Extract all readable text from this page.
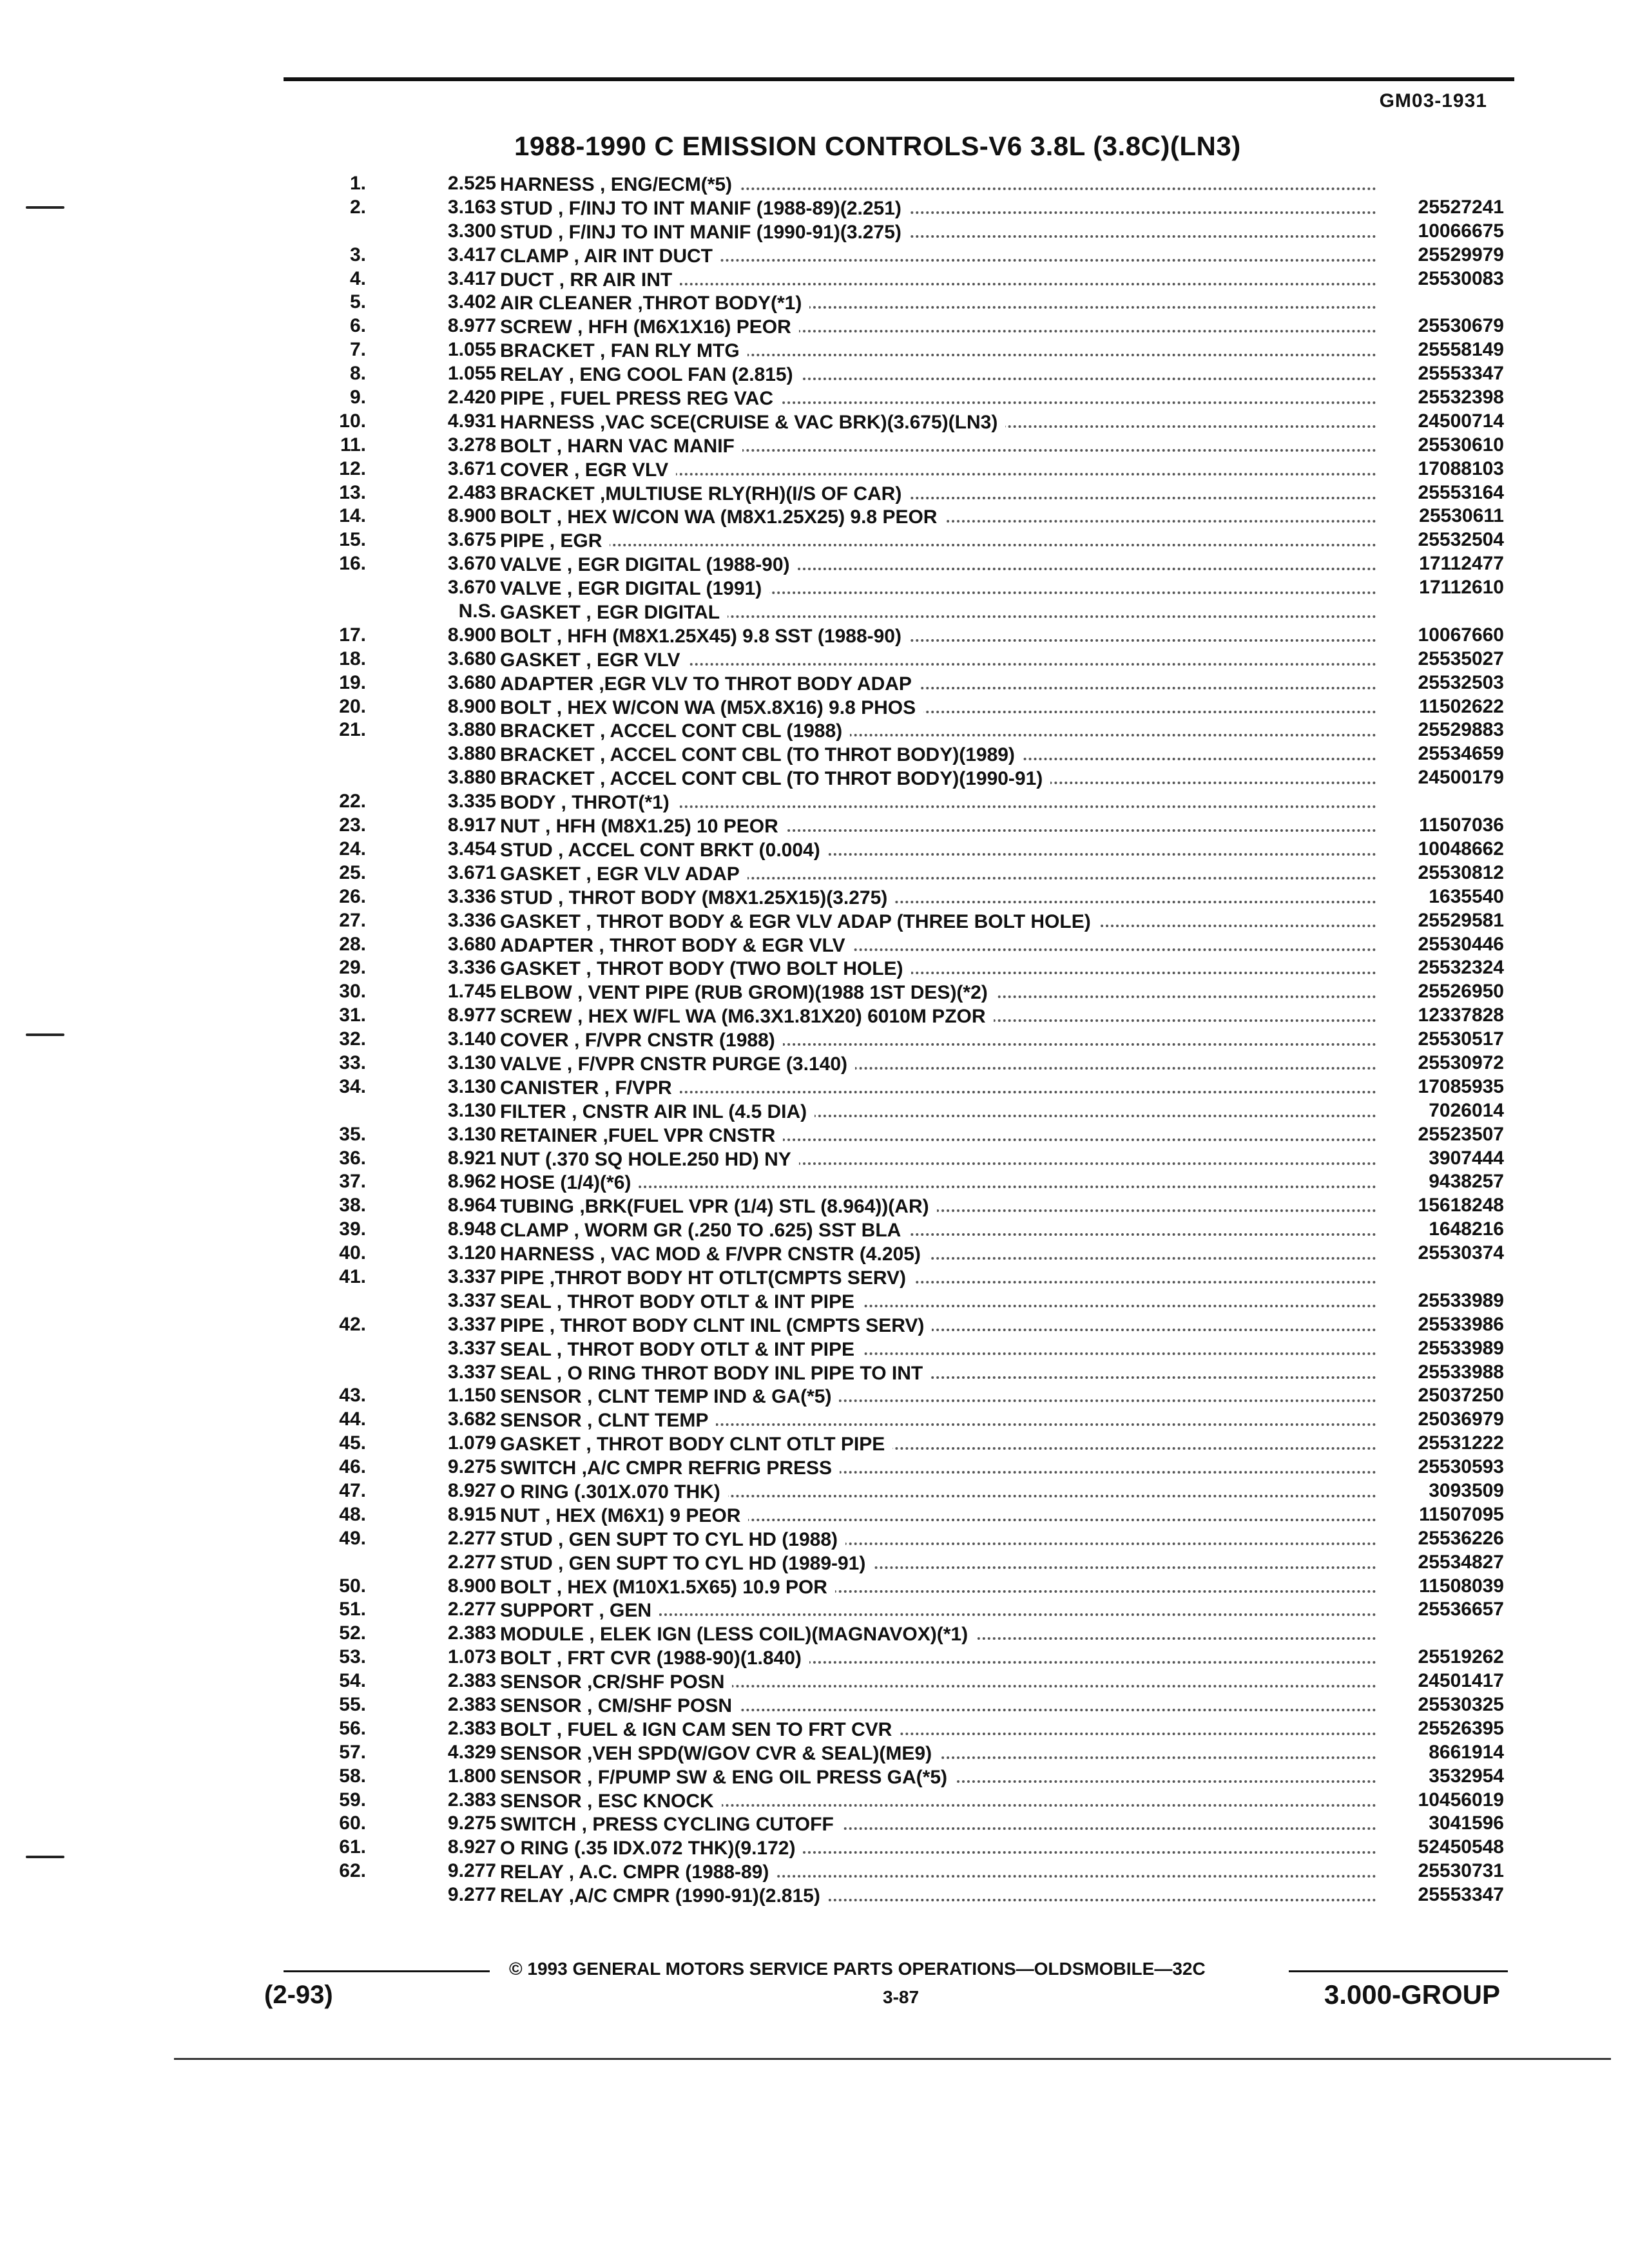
GM03-1931
1988-1990 C EMISSION CONTROLS-V6 3.8L (3.8C)(LN3)
1.	2.525 HARNESS , ENG/ECM(*5)
2.	3.163 STUD , F/INJ TO INT MANIF (1988-89)(2.251)	25527241
3.300 STUD , F/INJ TO INT MANIF (1990-91)(3.275)	10066675
3.	3.417 CLAMP , AIR INT DUCT	25529979
4.	3.417 DUCT , RR AIR INT	25530083
5.	3.402 AIR CLEANER ,THROT BODY(*1)
6.	8.977 SCREW , HFH (M6X1X16) PEOR	25530679
7.	1.055 BRACKET , FAN RLY MTG	25558149
8.	1.055 RELAY , ENG COOL FAN (2.815)	25553347
9.	2.420 PIPE , FUEL PRESS REG VAC	25532398
10.	4.931 HARNESS ,VAC SCE(CRUISE & VAC BRK)(3.675)(LN3)	24500714
11.	3.278 BOLT , HARN VAC MANIF	25530610
12.	3.671 COVER , EGR VLV	17088103
13.	2.483 BRACKET ,MULTIUSE RLY(RH)(I/S OF CAR)	25553164
14.	8.900 BOLT , HEX W/CON WA (M8X1.25X25) 9.8 PEOR	25530611
15.	3.675 PIPE , EGR	25532504
16.	3.670 VALVE , EGR DIGITAL (1988-90)	17112477
3.670 VALVE , EGR DIGITAL (1991)	17112610
N.S. GASKET , EGR DIGITAL
17.	8.900 BOLT , HFH (M8X1.25X45) 9.8 SST (1988-90)	10067660
18.	3.680 GASKET , EGR VLV	25535027
19.	3.680 ADAPTER ,EGR VLV TO THROT BODY ADAP	25532503
20.	8.900 BOLT , HEX W/CON WA (M5X.8X16) 9.8 PHOS	11502622
21.	3.880 BRACKET , ACCEL CONT CBL (1988)	25529883
3.880 BRACKET , ACCEL CONT CBL (TO THROT BODY)(1989)	25534659
3.880 BRACKET , ACCEL CONT CBL (TO THROT BODY)(1990-91)	24500179
22.	3.335 BODY , THROT(*1)
23.	8.917 NUT , HFH (M8X1.25) 10 PEOR	11507036
24.	3.454 STUD , ACCEL CONT BRKT (0.004)	10048662
25.	3.671 GASKET , EGR VLV ADAP	25530812
26.	3.336 STUD , THROT BODY (M8X1.25X15)(3.275)	1635540
27.	3.336 GASKET , THROT BODY & EGR VLV ADAP (THREE BOLT HOLE)	25529581
28.	3.680 ADAPTER , THROT BODY & EGR VLV	25530446
29.	3.336 GASKET , THROT BODY (TWO BOLT HOLE)	25532324
30.	1.745 ELBOW , VENT PIPE (RUB GROM)(1988 1ST DES)(*2)	25526950
31.	8.977 SCREW , HEX W/FL WA (M6.3X1.81X20) 6010M PZOR	12337828
32.	3.140 COVER , F/VPR CNSTR (1988)	25530517
33.	3.130 VALVE , F/VPR CNSTR PURGE (3.140)	25530972
34.	3.130 CANISTER , F/VPR	17085935
3.130 FILTER , CNSTR AIR INL (4.5 DIA)	7026014
35.	3.130 RETAINER ,FUEL VPR CNSTR	25523507
36.	8.921 NUT (.370 SQ HOLE.250 HD) NY	3907444
37.	8.962 HOSE (1/4)(*6)	9438257
38.	8.964 TUBING ,BRK(FUEL VPR (1/4) STL (8.964))(AR)	15618248
39.	8.948 CLAMP , WORM GR (.250 TO .625) SST BLA	1648216
40.	3.120 HARNESS , VAC MOD & F/VPR CNSTR (4.205)	25530374
41.	3.337 PIPE ,THROT BODY HT OTLT(CMPTS SERV)
3.337 SEAL , THROT BODY OTLT & INT PIPE	25533989
42.	3.337 PIPE , THROT BODY CLNT INL (CMPTS SERV)	25533986
3.337 SEAL , THROT BODY OTLT & INT PIPE	25533989
3.337 SEAL , O RING THROT BODY INL PIPE TO INT	25533988
43.	1.150 SENSOR , CLNT TEMP IND & GA(*5)	25037250
44.	3.682 SENSOR , CLNT TEMP	25036979
45.	1.079 GASKET , THROT BODY CLNT OTLT PIPE	25531222
46.	9.275 SWITCH ,A/C CMPR REFRIG PRESS	25530593
47.	8.927 O RING (.301X.070 THK)	3093509
48.	8.915 NUT , HEX (M6X1) 9 PEOR	11507095
49.	2.277 STUD , GEN SUPT TO CYL HD (1988)	25536226
2.277 STUD , GEN SUPT TO CYL HD (1989-91)	25534827
50.	8.900 BOLT , HEX (M10X1.5X65) 10.9 POR	11508039
51.	2.277 SUPPORT , GEN	25536657
52.	2.383 MODULE , ELEK IGN (LESS COIL)(MAGNAVOX)(*1)
53.	1.073 BOLT , FRT CVR (1988-90)(1.840)	25519262
54.	2.383 SENSOR ,CR/SHF POSN	24501417
55.	2.383 SENSOR , CM/SHF POSN	25530325
56.	2.383 BOLT , FUEL & IGN CAM SEN TO FRT CVR	25526395
57.	4.329 SENSOR ,VEH SPD(W/GOV CVR & SEAL)(ME9)	8661914
58.	1.800 SENSOR , F/PUMP SW & ENG OIL PRESS GA(*5)	3532954
59.	2.383 SENSOR , ESC KNOCK	10456019
60.	9.275 SWITCH , PRESS CYCLING CUTOFF	3041596
61.	8.927 O RING (.35 IDX.072 THK)(9.172)	52450548
62.	9.277 RELAY , A.C. CMPR (1988-89)	25530731
9.277 RELAY ,A/C CMPR (1990-91)(2.815)	25553347
© 1993 GENERAL MOTORS SERVICE PARTS OPERATIONS—OLDSMOBILE—32C
(2-93)	3-87	3.000-GROUP
